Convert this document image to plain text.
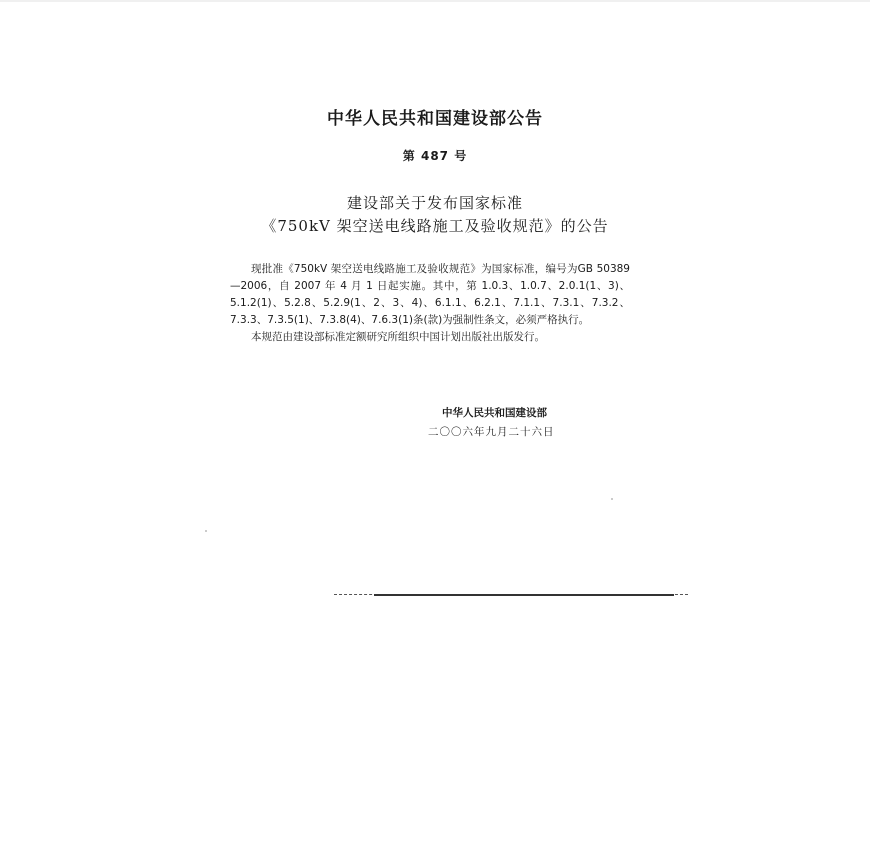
中华人民共和国建设部公告
第 487 号
建设部关于发布国家标准
《750kV 架空送电线路施工及验收规范》的公告

现批准《750kV 架空送电线路施工及验收规范》为国家标准，编号为GB 50389—2006，自 2007 年 4 月 1 日起实施。其中，第 1.0.3、1.0.7、2.0.1(1、3)、5.1.2(1)、5.2.8、5.2.9(1、2、3、4)、6.1.1、6.2.1、7.1.1、7.3.1、7.3.2、7.3.3、7.3.5(1)、7.3.8(4)、7.6.3(1)条(款)为强制性条文，必须严格执行。

本规范由建设部标准定额研究所组织中国计划出版社出版发行。

中华人民共和国建设部
二〇〇六年九月二十六日
